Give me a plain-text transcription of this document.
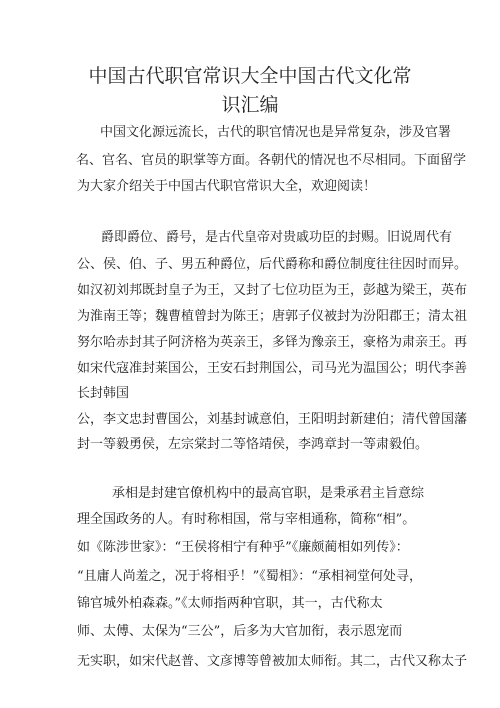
中国古代职官常识大全中国古代文化常
识汇编
中国文化源远流长，古代的职官情况也是异常复杂，涉及官署
名、官名、官员的职掌等方面。各朝代的情况也不尽相同。下面留学
为大家介绍关于中国古代职官常识大全，欢迎阅读！
爵即爵位、爵号，是古代皇帝对贵戚功臣的封赐。旧说周代有
公、侯、伯、子、男五种爵位，后代爵称和爵位制度往往因时而异。
如汉初刘邦既封皇子为王，又封了七位功臣为王，彭越为梁王，英布
为淮南王等；魏曹植曾封为陈王；唐郭子仪被封为汾阳郡王；清太祖
努尔哈赤封其子阿济格为英亲王，多铎为豫亲王，豪格为肃亲王。再
如宋代寇准封莱国公，王安石封荆国公，司马光为温国公；明代李善
长封韩国
公，李文忠封曹国公，刘基封诚意伯，王阳明封新建伯；清代曾国藩
封一等毅勇侯，左宗棠封二等恪靖侯，李鸿章封一等肃毅伯。
承相是封建官僚机构中的最高官职，是秉承君主旨意综
理全国政务的人。有时称相国，常与宰相通称，简称“相”。
如《陈涉世家》：“王侯将相宁有种乎”《廉颇蔺相如列传》：
“且庸人尚羞之，况于将相乎！”《蜀相》：“承相祠堂何处寻，
锦官城外柏森森。”《太师指两种官职，其一，古代称太
师、太傅、太保为“三公”，后多为大官加衔，表示恩宠而
无实职，如宋代赵普、文彦博等曾被加太师衔。其二，古代又称太子
